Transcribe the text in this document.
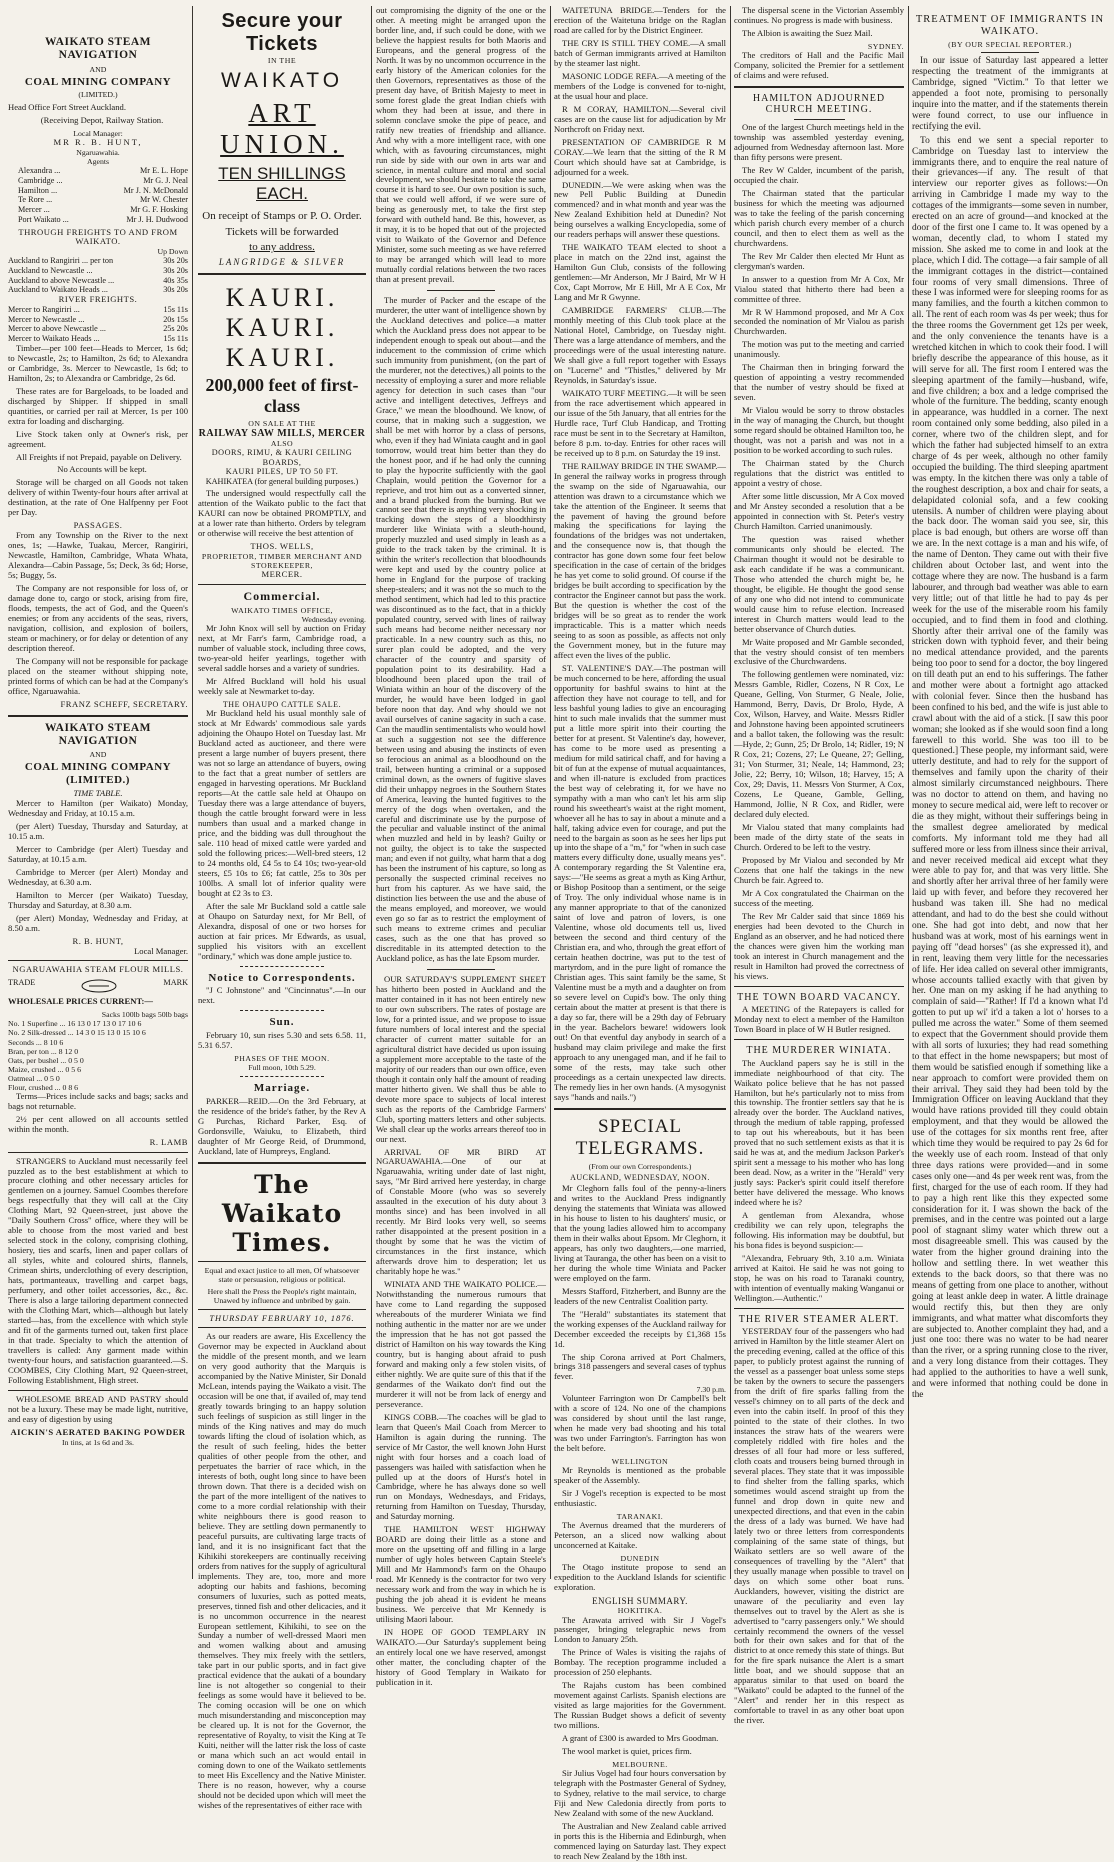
WAIKATO STEAM NAVIGATION
AND
COAL MINING COMPANY
(LIMITED.)

Head Office Fort Street Auckland.

(Receiving Depot, Railway Station.

Local Manager:
MR R. B. HUNT,
Ngaruawahia.
Agents
Alexandra ...	Mr E. L. Hope
Cambridge ...	Mr G. J. Neal
Hamilton ...	Mr J. N. McDonald
Te Rore ...	Mr W. Chester
Mercer ...	Mr G. F. Hosking
Port Waikato ...	Mr J. H. Dudwood
THROUGH FREIGHTS TO AND FROM WAIKATO.
Up Down
Auckland to Rangiriri ... per ton	30s 20s
Auckland to Newcastle ...	30s 20s
Auckland to above Newcastle ...	40s 35s
Auckland to Waikato Heads ...	30s 20s
RIVER FREIGHTS.
Mercer to Rangiriri ...	15s 11s
Mercer to Newcastle ...	20s 15s
Mercer to above Newcastle ...	25s 20s
Mercer to Waikato Heads ...	15s 11s

Timber—per 100 feet—Heads to Mercer, 1s 6d; to Newcastle, 2s; to Hamilton, 2s 6d; to Alexandra or Cambridge, 3s. Mercer to Newcastle, 1s 6d; to Hamilton, 2s; to Alexandra or Cambridge, 2s 6d.

These rates are for Bargeloads, to be loaded and discharged by Shipper. If shipped in small quantities, or carried per rail at Mercer, 1s per 100 extra for loading and discharging.

Live Stock taken only at Owner's risk, per agreement.

All Freights if not Prepaid, payable on Delivery.

No Accounts will be kept.

Storage will be charged on all Goods not taken delivery of within Twenty-four hours after arrival at destination, at the rate of One Halfpenny per Foot per Day.

PASSAGES.

From any Township on the River to the next ones, 1s; —Hawke, Tuakau, Mercer, Rangiriri, Newcastle, Hamilton, Cambridge, Whata Whata, Alexandra—Cabin Passage, 5s; Deck, 3s 6d; Horse, 5s; Buggy, 5s.

The Company are not responsible for loss of, or damage done to, cargo or stock, arising from fire, floods, tempests, the act of God, and the Queen's enemies; or from any accidents of the seas, rivers, navigation, collision, and explosion of boilers, steam or machinery, or for delay or detention of any description thereof.

The Company will not be responsible for package placed on the steamer without shipping note, printed forms of which can be had at the Company's office, Ngaruawahia.

FRANZ SCHEFF, SECRETARY.
WAIKATO STEAM NAVIGATION
AND
COAL MINING COMPANY (LIMITED.)
TIME TABLE.

Mercer to Hamilton (per Waikato) Monday, Wednesday and Friday, at 10.15 a.m.

(per Alert) Tuesday, Thursday and Saturday, at 10.15 a.m.

Mercer to Cambridge (per Alert) Tuesday and Saturday, at 10.15 a.m.

Cambridge to Mercer (per Alert) Monday and Wednesday, at 6.30 a.m.

Hamilton to Mercer (per Waikato) Tuesday, Thursday and Saturday, at 8.30 a.m.

(per Alert) Monday, Wednesday and Friday, at 8.50 a.m.

R. B. HUNT,
Local Manager.
NGARUAWAHIA STEAM FLOUR MILLS.
TRADE	MARK

WHOLESALE PRICES CURRENT:—

Sacks 100lb bags 50lb bags
No. 1 Superfine ... 16 13 0 17 13 0 17 10 6
No. 2 Silk-dressed ... 14 3 0 15 13 0 15 10 6
Seconds ... 8 10 6
Bran, per ton ... 8 12 0
Oats, per bushel ... 0 5 0
Maize, crushed ... 0 5 6
Oatmeal ... 0 5 0
Flour, crushed ... 0 8 6

Terms—Prices include sacks and bags; sacks and bags not returnable.

2½ per cent allowed on all accounts settled within the month.

R. LAMB

STRANGERS to Auckland must necessarily feel puzzled as to the best establishment at which to procure clothing and other necessary articles for gentlemen on a journey. Samuel Coombes therefore begs respectfully that they will call at the City Clothing Mart, 92 Queen-street, just above the "Daily Southern Cross" office, where they will be able to choose from the most varied and best selected stock in the colony, comprising clothing, hosiery, ties and scarfs, linen and paper collars of all styles, white and coloured shirts, flannels, Crimean shirts, underclothing of every description, hats, portmanteaux, travelling and carpet bags, perfumery, and other toilet accessories, &c., &c. There is also a large tailoring department connected with the Clothing Mart, which—although but lately started—has, from the excellence with which style and fit of the garments turned out, taken first place in that trade. Specialty to which the attention of travellers is called: Any garment made within twenty-four hours, and satisfaction guaranteed.—S. COOMBES, City Clothing Mart, 92 Queen-street, Following Establishment, High street.

WHOLESOME BREAD AND PASTRY should not be a luxury. These may be made light, nutritive, and easy of digestion by using

AICKIN'S AERATED BAKING POWDER
In tins, at 1s 6d and 3s.
Secure your Tickets
IN THE
WAIKATO
ART UNION.
TEN SHILLINGS EACH.
On receipt of Stamps or P. O. Order.
Tickets will be forwarded
to any address.
LANGRIDGE & SILVER
KAURI. KAURI. KAURI.
200,000 feet of first-class
ON SALE AT THE
RAILWAY SAW MILLS, MERCER
ALSO
DOORS, RIMU, & KAURI CEILING BOARDS,
KAURI PILES, UP TO 50 FT.
KAHIKATEA (for general building purposes.)

The undersigned would respectfully call the attention of the Waikato public to the fact that KAURI can now be obtained PROMPTLY, and at a lower rate than hitherto. Orders by telegram or otherwise will receive the best attention of

THOS. WELLS,
PROPRIETOR, TIMBER MERCHANT AND STOREKEEPER,
MERCER.
Commercial.
WAIKATO TIMES OFFICE,
Wednesday evening.

Mr John Knox will sell by auction on Friday next, at Mr Farr's farm, Cambridge road, a number of valuable stock, including three cows, two-year-old heifer yearlings, together with several saddle horses and a variety of sundries.

Mr Alfred Buckland will hold his usual weekly sale at Newmarket to-day.

THE OHAUPO CATTLE SALE.

Mr Buckland held his usual monthly sale of stock at Mr Edwards' commodious sale yards adjoining the Ohaupo Hotel on Tuesday last. Mr Buckland acted as auctioneer, and there were present a large number of buyers present, there was not so large an attendance of buyers, owing to the fact that a great number of settlers are engaged in harvesting operations. Mr Buckland reports—At the cattle sale held at Ohaupo on Tuesday there was a large attendance of buyers, though the cattle brought forward were in less numbers than usual and a marked change in price, and the bidding was dull throughout the sale. 110 head of mixed cattle were yarded and sold the following prices:—Well-bred steers, 12 to 24 months old, £4 5s to £4 10s; two-year-old steers, £5 10s to £6; fat cattle, 25s to 30s per 100lbs. A small lot of inferior quality were bought at £2 3s to £3.

After the sale Mr Buckland sold a cattle sale at Ohaupo on Saturday next, for Mr Bell, of Alexandra, disposal of one or two horses for auction at fair prices. Mr Edwards, as usual, supplied his visitors with an excellent "ordinary," which was done ample justice to.

Notice to Correspondents.

"J C Johnstone" and "Cincinnatus".—In our next.

Sun.

February 10, sun rises 5.30 and sets 6.58. 11, 5.31 6.57.

PHASES OF THE MOON.
Full moon, 10th 5.29.
Marriage.

PARKER—REID.—On the 3rd February, at the residence of the bride's father, by the Rev A G Purchas, Richard Parker, Esq. of Gordonsville, Waiuku, to Elizabeth, third daughter of Mr George Reid, of Drummond, Auckland, late of Humpreys, England.

The Waikato Times.

Equal and exact justice to all men, Of whatsoever state or persuasion, religious or political.

Here shall the Press the People's right maintain, Unawed by influence and unbribed by gain.

THURSDAY FEBRUARY 10, 1876.

As our readers are aware, His Excellency the Governor may be expected in Auckland about the middle of the present month, and we learn on very good authority that the Marquis is accompanied by the Native Minister, Sir Donald McLean, intends paying the Waikato a visit. The occasion will be one that, if availed of, may tend greatly towards bringing to an happy solution such feelings of suspicion as still linger in the minds of the King natives and may do much towards lifting the cloud of isolation which, as the result of such feeling, hides the better qualities of other people from the other, and perpetuates the barrier of race which, in the interests of both, ought long since to have been thrown down. That there is a decided wish on the part of the more intelligent of the natives to come to a more cordial relationship with their white neighbours there is good reason to believe. They are settling down permanently to peaceful pursuits, are cultivating large tracts of land, and it is no insignificant fact that the Kihikihi storekeepers are continually receiving orders from natives for the supply of agricultural implements. They are, too, more and more adopting our habits and fashions, becoming consumers of luxuries, such as potted meats, preserves, tinned fish and other delicacies, and it is no uncommon occurrence in the nearest European settlement, Kihikihi, to see on the Sunday a number of well-dressed Maori men and women walking about and amusing themselves. They mix freely with the settlers, take part in our public sports, and in fact give practical evidence that the aukati of a boundary line is not altogether so congenial to their feelings as some would have it believed to be. The coming occasion will be one on which much misunderstanding and misconception may be cleared up. It is not for the Governor, the representative of Royalty, to visit the King at Te Kuiti, neither will the latter risk the loss of caste or mana which such an act would entail in coming down to one of the Waikato settlements to meet His Excellency and the Native Minister. There is no reason, however, why a course should not be decided upon which will meet the wishes of the representatives of either race with

out compromising the dignity of the one or the other. A meeting might be arranged upon the border line, and, if such could be done, with we believe the happiest results for both Maoris and Europeans, and the general progress of the North. It was by no uncommon occurrence in the early history of the American colonies for the then Governors, representatives as those of the present day have, of British Majesty to meet in some forest glade the great Indian chiefs with whom they had been at issue, and there in solemn conclave smoke the pipe of peace, and ratify new treaties of friendship and alliance. And why with a more intelligent race, with one which, with as favouring circumstances, might run side by side with our own in arts war and science, in mental culture and moral and social development, we should hesitate to take the same course it is hard to see. Our own position is such, that we could well afford, if we were sure of being as generously met, to take the first step forward with outheld hand. Be this, however, as it may, it is to be hoped that out of the projected visit to Waikato of the Governor and Defence Minister, some such meeting as we have referred to may be arranged which will lead to more mutually cordial relations between the two races than at present prevail.

The murder of Packer and the escape of the murderer, the utter want of intelligence shown by the Auckland detectives and police—a matter which the Auckland press does not appear to be independent enough to speak out about—and the inducement to the commission of crime which such immunity from punishment, (on the part of the murderer, not the detectives,) all points to the necessity of employing a surer and more reliable agency for detection in such cases than "our active and intelligent detectives, Jeffreys and Grace," we mean the bloodhound. We know, of course, that in making such a suggestion, we shall be met with horror by a class of persons, who, even if they had Winiata caught and in gaol tomorrow, would treat him better than they do the honest poor, and if he had only the cunning to play the hypocrite sufficiently with the gaol Chaplain, would petition the Governor for a reprieve, and trot him out as a converted sinner, and a brand plucked from the burning. But we cannot see that there is anything very shocking in tracking down the steps of a bloodthirsty murderer like Winiata with a sleuth-hound, properly muzzled and used simply in leash as a guide to the track taken by the criminal. It is within the writer's recollection that bloodhounds were kept and used by the country police at home in England for the purpose of tracking sheep-stealers; and it was not the so much to the method sentiment, which had led to this practice was discontinued as to the fact, that in a thickly populated country, served with lines of railway such means had become neither necessary nor practicable. In a new country such as this, no surer plan could be adopted, and the very character of the country and sparsity of population point to its desirability. Had a bloodhound been placed upon the trail of Winiata within an hour of the discovery of the murder, he would have been lodged in gaol before noon that day. And why should we not avail ourselves of canine sagacity in such a case. Can the maudlin sentimentalists who would howl at such a suggestion not see the difference between using and abusing the instincts of even so ferocious an animal as a bloodhound on the trail, between hunting a criminal or a supposed criminal down, as the owners of fugitive slaves did their unhappy negroes in the Southern States of America, leaving the hunted fugitives to the mercy of the dogs when overtaken, and the careful and discriminate use by the purpose of the peculiar and valuable instinct of the animal when muzzled and held in by leash? Guilty or not guilty, the object is to take the suspected man; and even if not guilty, what harm that a dog has been the instrument of his capture, so long as personally the suspected criminal receives no hurt from his capturer. As we have said, the distinction lies between the use and the abuse of the means employed, and moreover, we would even go so far as to restrict the employment of such means to extreme crimes and peculiar cases, such as the one that has proved so discreditable in its attempted detection to the Auckland police, as has the late Epsom murder.

OUR SATURDAY'S SUPPLEMENT SHEET has hitherto been posted in Auckland and the matter contained in it has not been entirely new to our own subscribers. The rates of postage are low, for a printed issue, and we propose to issue future numbers of local interest and the special character of current matter suitable for an agricultural district have decided us upon issuing a supplement more acceptable to the taste of the majority of our readers than our own office, even though it contain only half the amount of reading matter hitherto given. We shall thus be able to devote more space to subjects of local interest such as the reports of the Cambridge Farmers' Club, sporting matters letters and other subjects. We shall clear up the works arrears thereof too in our next.

ARRIVAL OF MR BIRD AT NGARUAWAHIA.—One of our at Ngaruawahia, writing under date of last night, says, "Mr Bird arrived here yesterday, in charge of Constable Moore (who was so severely assaulted in the execution of his duty about 3 months since) and has been involved in all recently. Mr Bird looks very well, so seems rather disappointed at the present position in a thought by some that he was the victim of circumstances in the first instance, which afterwards drove him to desperation; let us charitably hope he was."

WINIATA AND THE WAIKATO POLICE.—Notwithstanding the numerous rumours that have come to Land regarding the supposed whereabouts of the murderer Winiata we find nothing authentic in the matter nor are we under the impression that he has not got passed the district of Hamilton on his way towards the King country, but is hanging about afraid to push forward and making only a few stolen visits, of either nightly. We are quite sure of this that if the gendarmes of the Waikato don't find out the murderer it will not be from lack of energy and perseverance.

KINGS COBB.—The coaches will be glad to learn that Queen's Mail Coach from Mercer to Hamilton is again during the running. The service of Mr Castor, the well known John Hurst night with four horses and a coach load of passengers was hailed with satisfaction when he pulled up at the doors of Hurst's hotel in Cambridge, where he has always done so well run on Mondays, Wednesdays, and Fridays, returning from Hamilton on Tuesday, Thursday, and Saturday morning.

THE HAMILTON WEST HIGHWAY BOARD are doing their little as a stone and more on the upsetting off and filling in a large number of ugly holes between Captain Steele's Mill and Mr Hammond's farm on the Ohaupo road. Mr Kennedy is the contractor for two very necessary work and from the way in which he is pushing the job ahead it is evident he means business. We perceive that Mr Kennedy is utilising Maori labour.

IN HOPE OF GOOD TEMPLARY IN WAIKATO.—Our Saturday's supplement being an entirely local one we have reserved, amongst other matter, the concluding chapter of the history of Good Templary in Waikato for publication in it.

WAITETUNA BRIDGE.—Tenders for the erection of the Waitetuna bridge on the Raglan road are called for by the District Engineer.

THE CRY IS STILL THEY COME.—A small batch of German immigrants arrived at Hamilton by the steamer last night.

MASONIC LODGE REFA.—A meeting of the members of the Lodge is convened for to-night, at the usual hour and place.

R M CORAY, HAMILTON.—Several civil cases are on the cause list for adjudication by Mr Northcroft on Friday next.

PRESENTATION OF CAMBRIDGE R M CORAY.—We learn that the sitting of the R M Court which should have sat at Cambridge, is adjourned for a week.

DUNEDIN.—We were asking when was the new Pell Public Building at Dunedin commenced? and in what month and year was the New Zealand Exhibition held at Dunedin? Not being ourselves a walking Encyclopedia, some of our readers perhaps will answer these questions.

THE WAIKATO TEAM elected to shoot a place in match on the 22nd inst, against the Hamilton Gun Club, consists of the following gentlemen:—Mr Anderson, Mr J Baird, Mr W H Cox, Capt Morrow, Mr E Hill, Mr A E Cox, Mr Lang and Mr R Gwynne.

CAMBRIDGE FARMERS' CLUB.—The monthly meeting of this Club took place at the National Hotel, Cambridge, on Tuesday night. There was a large attendance of members, and the proceedings were of the usual interesting nature. We shall give a full report together with Essays on "Lucerne" and "Thistles," delivered by Mr Reynolds, in Saturday's issue.

WAIKATO TURF MEETING.—It will be seen from the race advertisement which appeared in our issue of the 5th January, that all entries for the Hurdle race, Turf Club Handicap, and Trotting race must be sent in to the Secretary at Hamilton, before 8 p.m. to-day. Entries for other races will be received up to 8 p.m. on Saturday the 19 inst.

THE RAILWAY BRIDGE IN THE SWAMP.—In general the railway works in progress through the swamp on the side of Ngaruawahia, our attention was drawn to a circumstance which we take the attention of the Engineer. It seems that the pavement of having the ground before making the specifications for laying the foundations of the bridges was not undertaken, and the consequence now is, that though the contractor has gone down some four feet below specification in the case of certain of the bridges he has yet come to solid ground. Of course if the bridges be built according to specification by the contractor the Engineer cannot but pass the work. But the question is whether the cost of the bridges will be so great as to render the work impracticable. This is a matter which needs seeing to as soon as possible, as affects not only the Government money, but in the future may affect even the lives of the public.

ST. VALENTINE'S DAY.—The postman will be much concerned to be here, affording the usual opportunity for bashful swains to hint at the affection they have not courage to tell, and for less bashful young ladies to give an encouraging hint to such male invalids that the summer must put a little more spirit into their courting the better for at present. St Valentine's day, however, has come to be more used as presenting a medium for mild satirical chaff, and for having a bit of fun at the expense of mutual acquaintances, and when ill-nature is excluded from practices the best way of celebrating it, for we have no sympathy with a man who can't let his arm slip round his sweetheart's waist at the right moment, whoever all he has to say in about a minute and a half, taking advice even for courage, and put the need to the bargain as soon as he sees her lips put up into the shape of a "m," for "when in such case matters every difficulty done, usually means yes". A contemporary regarding the St Valentine era, says:—"He seems as great a myth as King Arthur, or Bishop Positoop than a sentiment, or the seige of Troy. The only individual whose name is in any manner appropriate to that of the canonized saint of love and patron of lovers, is one Valentine, whose old documents tell us, lived between the second and third century of the Christian era, and who, through the great effort of certain heathen doctrine, was put to the test of martyrdom, and in the pure light of romance the Christian ages. This saint family be the same, St Valentine must be a myth and a daughter on from so severe level on Cupid's bow. The only thing certain about the matter at present is that there is a day so far, there will be a 29th day of February in the year. Bachelors beware! widowers look out! On that eventful day anybody in search of a husband may claim privilege and make the first approach to any unengaged man, and if he fail to some of the rests, may take such other proceedings as a certain unexpected law directs. The remedy lies in her own hands. (A mysogynist says "hands and nails.")

SPECIAL TELEGRAMS.
(From our own Correspondents.)
AUCKLAND, WEDNESDAY, NOON.

Mr Cleghorn falls foul of the penny-a-liners and writes to the Auckland Press indignantly denying the statements that Winiata was allowed in his house to listen to his daughters' music, or that the young ladies allowed him to accompany them in their walks about Epsom. Mr Cleghorn, it appears, has only two daughters,—one married, living at Tauranga, the other has been on a visit to her during the whole time Winiata and Packer were employed on the farm.

Messrs Stafford, Fitzherbert, and Bunny are the leaders of the new Centralist Coalition party.

The "Herald" substantiates its statement that the working expenses of the Auckland railway for December exceeded the receipts by £1,368 15s 1d.

The ship Corona arrived at Port Chalmers, brings 318 passengers and several cases of typhus fever.

7.30 p.m.

Volunteer Farrington won Dr Campbell's belt with a score of 124. No one of the champions was considered by shout until the last range, when he made very bad shooting and his total was two under Farrington's. Farrington has won the belt before.

WELLINGTON

Mr Reynolds is mentioned as the probable speaker of the Assembly.

Sir J Vogel's reception is expected to be most enthusiastic.

TARANAKI.

The Avernus dreamed that the murderers of Peterson, an a sliced now walking about unconcerned at Kaitake.

DUNEDIN

The Otago institute propose to send an expedition to the Auckland Islands for scientific exploration.

ENGLISH SUMMARY.
HOKITIKA.

The Arawata arrived with Sir J Vogel's passenger, bringing telegraphic news from London to January 25th.

The Prince of Wales is visiting the rajahs of Bombay. The reception programme included a procession of 250 elephants.

The Rajahs custom has been combined movement against Carlists. Spanish elections are visited as large majorities for the Government. The Russian Budget shows a deficit of seventy two millions.

A grant of £300 is awarded to Mrs Goodman.

The wool market is quiet, prices firm.

MELBOURNE.

Sir Julius Vogel had four hours conversation by telegraph with the Postmaster General of Sydney, to Sydney, relative to the mail service, to charge Fiji and New Caledonia directly from ports to New Zealand with some of the new Auckland.

The Australian and New Zealand cable arrived in ports this is the Hibernia and Edinburgh, when commenced laying on Saturday last. They expect to reach New Zealand by the 18th inst.

The dispersal scene in the Victorian Assembly continues. No progress is made with business.

The Albion is awaiting the Suez Mail.

SYDNEY.

The creditors of Hall and the Pacific Mail Company, solicited the Premier for a settlement of claims and were refused.

HAMILTON ADJOURNED CHURCH MEETING.

One of the largest Church meetings held in the township was assembled yesterday evening, adjourned from Wednesday afternoon last. More than fifty persons were present.

The Rev W Calder, incumbent of the parish, occupied the chair.

The Chairman stated that the particular business for which the meeting was adjourned was to take the feeling of the parish concerning which parish church every member of a church council, and then to elect them as well as the churchwardens.

The Rev Mr Calder then elected Mr Hunt as clergyman's warden.

In answer to a question from Mr A Cox, Mr Vialou stated that hitherto there had been a committee of three.

Mr R W Hammond proposed, and Mr A Cox seconded the nomination of Mr Vialou as parish Churchwarden.

The motion was put to the meeting and carried unanimously.

The Chairman then in bringing forward the question of appointing a vestry recommended that the number of vestry should be fixed at seven.

Mr Vialou would be sorry to throw obstacles in the way of managing the Church, but thought some regard should be obtained Hamilton too, he thought, was not a parish and was not in a position to be worked according to such rules.

The Chairman stated by the Church regulations that the district was entitled to appoint a vestry of chose.

After some little discussion, Mr A Cox moved and Mr Anstey seconded a resolution that a be appointed in connection with St. Peter's vestry Church Hamilton. Carried unanimously.

The question was raised whether communicants only should be elected. The Chairman thought it would not be desirable to ask each candidate if he was a communicant. Those who attended the church might be, he thought, be eligible. He thought the good sense of any one who did not intend to communicate would cause him to refuse election. Increased interest in Church matters would lead to the better observance of Church duties.

Mr Waite proposed and Mr Gamble seconded, that the vestry should consist of ten members exclusive of the Churchwardens.

The following gentlemen were nominated, viz: Messrs Gamble, Ridler, Cozens, N R Cox, Le Queane, Gelling, Von Sturmer, G Neale, Jolie, Hammond, Berry, Davis, Dr Brolo, Hyde, A Cox, Wilson, Harvey, and Waite. Messrs Ridler and Johnstone having been appointed scrutineers and a ballot taken, the following was the result:—Hyde, 2; Gunn, 25; Dr Brolo, 14; Ridler, 19; N R Cox, 21; Cozens, 27; Le Queane, 27; Gelling, 31; Von Sturmer, 31; Neale, 14; Hammond, 23; Jolie, 22; Berry, 10; Wilson, 18; Harvey, 15; A Cox, 29; Davis, 11. Messrs Von Sturmer, A Cox, Cozens, Le Queane, Gamble, Gelling, Hammond, Jollie, N R Cox, and Ridler, were declared duly elected.

Mr Vialou stated that many complaints had been made of the dirty state of the seats in Church. Ordered to be left to the vestry.

Proposed by Mr Vialou and seconded by Mr Cozens that one half the takings in the new Church be fair. Agreed to.

Mr A Cox congratulated the Chairman on the success of the meeting.

The Rev Mr Calder said that since 1869 his energies had been devoted to the Church in England as an observer, and he had noticed there the chances were given him the working man took an interest in Church management and the result in Hamilton had proved the correctness of his views.

THE TOWN BOARD VACANCY.

A MEETING of the Ratepayers is called for Monday next to elect a member of the Hamilton Town Board in place of W H Butler resigned.

THE MURDERER WINIATA.

The Auckland papers say he is still in the immediate neighbourhood of that city. The Waikato police believe that he has not passed Hamilton, but he's particularly not to miss from this township. The frontier settlers say that he is already over the border. The Auckland natives, through the medium of table rapping, professed to tap out his whereabouts, but it has been proved that no such settlement exists as that it is said he was at, and the medium Jackson Parker's spirit sent a message to his mother who has long been dead. Now, as a writer in the "Herald" very justly says: Packer's spirit could itself therefore better have delivered the message. Who knows indeed where he is?

A gentleman from Alexandra, whose credibility we can rely upon, telegraphs the following. His information may be doubtful, but his bona fides is beyond suspicion:—

"Alexandra, February 9th, 3.10 a.m. Winiata arrived at Kaitoi. He said he was not going to stop, he was on his road to Taranaki country, with intention of eventually making Wanganui or Wellington.—Authentic."

THE RIVER STEAMER ALERT.

YESTERDAY four of the passengers who had arrived in Hamilton by the little steamer Alert on the preceding evening, called at the office of this paper, to publicly protest against the running of the vessel as a passenger boat unless some steps be taken by the owners to secure the passengers from the drift of fire sparks falling from the vessel's chimney on to all parts of the deck and even into the cabin itself. In proof of this they pointed to the state of their clothes. In two instances the straw hats of the wearers were completely riddled with fire holes and the dresses of all four had more or less suffered, cloth coats and trousers being burned through in several places. They state that it was impossible to find shelter from the falling sparks, which sometimes would ascend straight up from the funnel and drop down in quite new and unexpected directions, and that even in the cabin the dress of a lady was burned. We have had lately two or three letters from correspondents complaining of the same state of things, but Waikato settlers are so well aware of the consequences of travelling by the "Alert" that they usually manage when possible to travel on days on which some other boat runs. Aucklanders, however, visiting the district are unaware of the peculiarity and even lay themselves out to travel by the Alert as she is advertised to "carry passengers only." We should certainly recommend the owners of the vessel both for their own sakes and for that of the district to at once remedy this state of things. But for the fire spark nuisance the Alert is a smart little boat, and we should suppose that an apparatus similar to that used on board the "Waikato" could be adapted to the funnel of the "Alert" and render her in this respect as comfortable to travel in as any other boat upon the river.

TREATMENT OF IMMIGRANTS IN WAIKATO.
(BY OUR SPECIAL REPORTER.)

In our issue of Saturday last appeared a letter respecting the treatment of the immigrants at Cambridge, signed "Victim." To that letter we appended a foot note, promising to personally inquire into the matter, and if the statements therein were found correct, to use our influence in rectifying the evil.

To this end we sent a special reporter to Cambridge on Tuesday last to interview the immigrants there, and to enquire the real nature of their grievances—if any. The result of that interview our reporter gives as follows:—On arriving in Cambridge I made my way to the cottages of the immigrants—some seven in number, erected on an acre of ground—and knocked at the door of the first one I came to. It was opened by a woman, decently clad, to whom I stated my mission. She asked me to come in and look at the place, which I did. The cottage—a fair sample of all the immigrant cottages in the district—contained four rooms of very small dimensions. Three of these I was informed were for sleeping rooms for as many families, and the fourth a kitchen common to all. The rent of each room was 4s per week; thus for the three rooms the Government get 12s per week, and the only convenience the tenants have is a wretched kitchen in which to cook their food. I will briefly describe the appearance of this house, as it will serve for all. The first room I entered was the sleeping apartment of the family—husband, wife, and five children; a box and a ledge comprised the whole of the furniture. The bedding, scanty enough in appearance, was huddled in a corner. The next room contained only some bedding, also piled in a corner, where two of the children slept, and for which the father had subjected himself to an extra charge of 4s per week, although no other family occupied the building. The third sleeping apartment was empty. In the kitchen there was only a table of the roughest description, a box and chair for seats, a delapidated colonial sofa, and a few cooking utensils. A number of children were playing about the back door. The woman said you see, sir, this place is bad enough, but others are worse off than we are. In the next cottage is a man and his wife, of the name of Denton. They came out with their five children about October last, and went into the cottage where they are now. The husband is a farm labourer, and through bad weather was able to earn very little; out of that little he had to pay 4s per week for the use of the miserable room his family occupied, and to find them in food and clothing. Shortly after their arrival one of the family was stricken down with typhoid fever, and their being no medical attendance provided, and the parents being too poor to send for a doctor, the boy lingered on till death put an end to his sufferings. The father and mother were about a fortnight ago attacked with colonial fever. Since then the husband has been confined to his bed, and the wife is just able to crawl about with the aid of a stick. [I saw this poor woman; she looked as if she would soon find a long farewell to this world. She was too ill to be questioned.] These people, my informant said, were utterly destitute, and had to rely for the support of themselves and family upon the charity of their almost similarly circumstanced neighbours. There was no doctor to attend on them, and having no money to secure medical aid, were left to recover or die as they might, without their sufferings being in the smallest degree ameliorated by medical comforts. My informant told me they had all suffered more or less from illness since their arrival, and never received medical aid except what they were able to pay for, and that was very little. She and shortly after her arrival three of her family were laid up with fever, and before they recovered her husband was taken ill. She had no medical attendant, and had to do the best she could without one. She had got into debt, and now that her husband was at work, most of his earnings went in paying off "dead horses" (as she expressed it), and in rent, leaving them very little for the necessaries of life. Her idea called on several other immigrants, whose accounts tallied exactly with that given by her. One man on my asking if he had anything to complain of said—"Rather! If I'd a known what I'd gotten to put up wi' it'd a taken a lot o' horses to a pulled me across the water." Some of them seemed to expect that the Government should provide them with all sorts of luxuries; they had read something to that effect in the home newspapers; but most of them would be satisfied enough if something like a near approach to comfort were provided them on their arrival. They said they had been told by the Immigration Officer on leaving Auckland that they would have rations provided till they could obtain employment, and that they would be allowed the use of the cottages for six months rent free, after which time they would be required to pay 2s 6d for the weekly use of each room. Instead of that only three days rations were provided—and in some cases only one—and 4s per week rent was, from the first, charged for the use of each room. If they had to pay a high rent like this they expected some consideration for it. I was shown the back of the premises, and in the centre was pointed out a large pool of stagnant slimy water which threw out a most disagreeable smell. This was caused by the water from the higher ground draining into the hollow and settling there. In wet weather this extends to the back doors, so that there was no means of getting from one place to another, without going at least ankle deep in water. A little drainage would rectify this, but then they are only immigrants, and what matter what discomforts they are subjected to. Another complaint they had, and a just one too: there was no water to be had nearer than the river, or a spring running close to the river, and a very long distance from their cottages. They had applied to the authorities to have a well sunk, and were informed that nothing could be done in the
